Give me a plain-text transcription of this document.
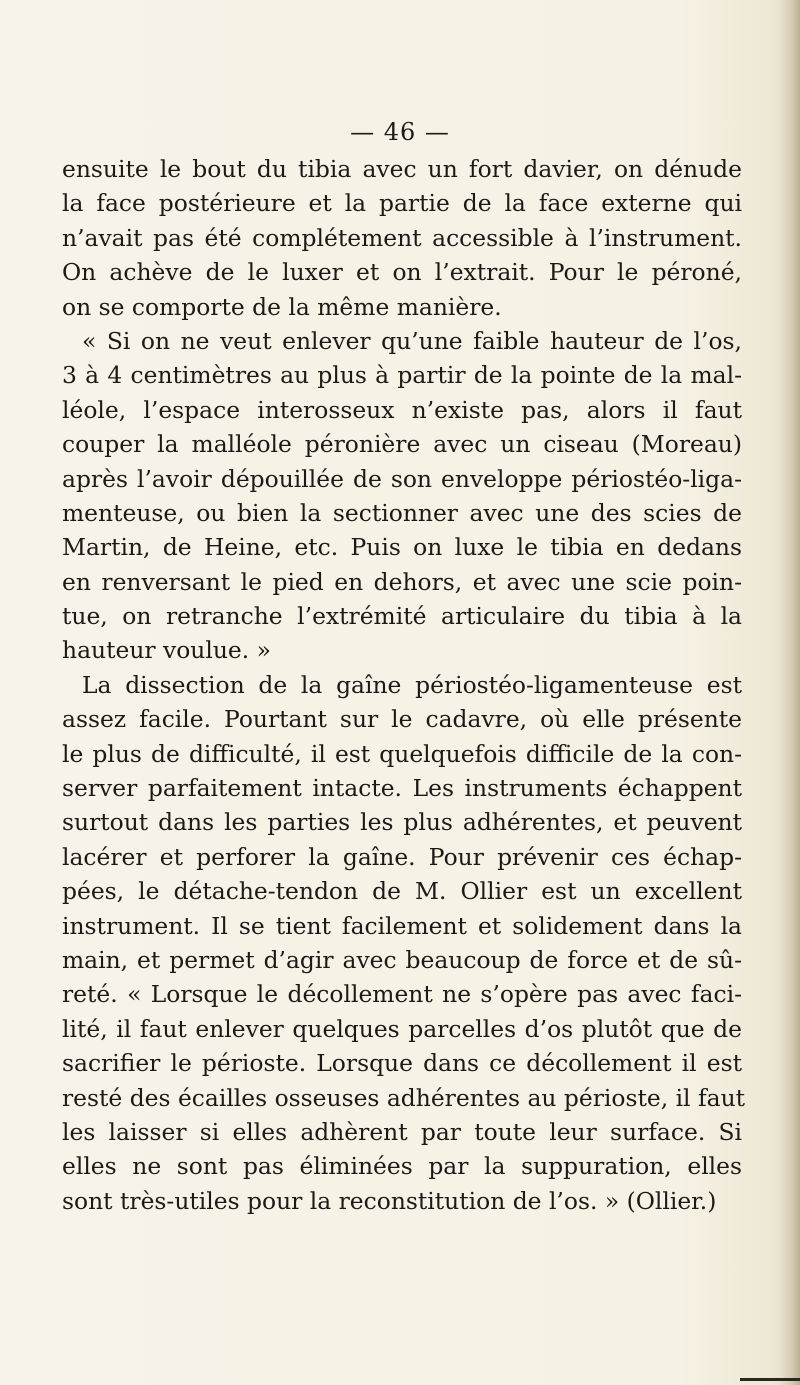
— 46 —
ensuite le bout du tibia avec un fort davier, on dénude
la face postérieure et la partie de la face externe qui
n’avait pas été complétement accessible à l’instrument.
On achève de le luxer et on l’extrait. Pour le péroné,
on se comporte de la même manière.
« Si on ne veut enlever qu’une faible hauteur de l’os,
3 à 4 centimètres au plus à partir de la pointe de la mal-
léole, l’espace interosseux n’existe pas, alors il faut
couper la malléole péronière avec un ciseau (Moreau)
après l’avoir dépouillée de son enveloppe périostéo-liga-
menteuse, ou bien la sectionner avec une des scies de
Martin, de Heine, etc. Puis on luxe le tibia en dedans
en renversant le pied en dehors, et avec une scie poin-
tue, on retranche l’extrémité articulaire du tibia à la
hauteur voulue. »
La dissection de la gaîne périostéo-ligamenteuse est
assez facile. Pourtant sur le cadavre, où elle présente
le plus de difficulté, il est quelquefois difficile de la con-
server parfaitement intacte. Les instruments échappent
surtout dans les parties les plus adhérentes, et peuvent
lacérer et perforer la gaîne. Pour prévenir ces échap-
pées, le détache-tendon de M. Ollier est un excellent
instrument. Il se tient facilement et solidement dans la
main, et permet d’agir avec beaucoup de force et de sû-
reté. « Lorsque le décollement ne s’opère pas avec faci-
lité, il faut enlever quelques parcelles d’os plutôt que de
sacrifier le périoste. Lorsque dans ce décollement il est
resté des écailles osseuses adhérentes au périoste, il faut
les laisser si elles adhèrent par toute leur surface. Si
elles ne sont pas éliminées par la suppuration, elles
sont très-utiles pour la reconstitution de l’os. » (Ollier.)
